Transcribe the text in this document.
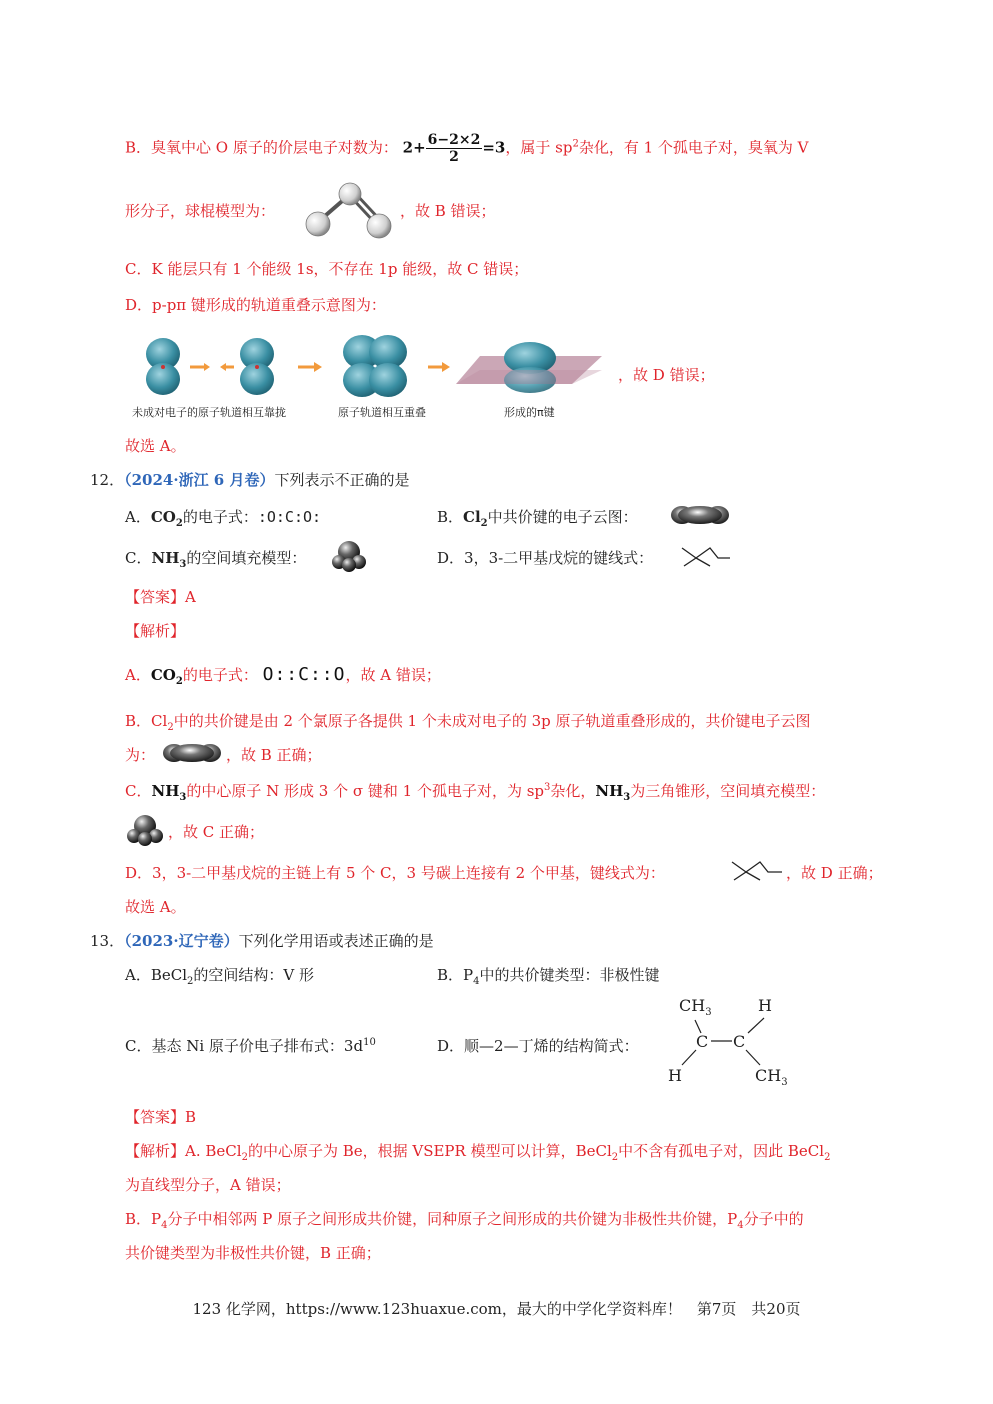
B．臭氧中心 O 原子的价层电子对数为： $2+ \frac{6-2\times 2}{2} =3$，属于 $sp^2$杂化，有 1 个孤电子对，臭氧为 V
形分子，球棍模型为：	，故 B 错误；
C．K 能层只有 1 个能级 1s，不存在 1p 能级，故 C 错误；
D．p-pπ 键形成的轨道重叠示意图为：
，故 D 错误；
未成对电子的原子轨道相互靠拢	原子轨道相互重叠	形成的π键
故选 A。
12．（2024·浙江 6 月卷）下列表示不正确的是
A．$CO_2$的电子式：:O:C:O:	B．$Cl_2$中共价键的电子云图：
C．$NH_3$的空间填充模型：	D．3，3-二甲基戊烷的键线式：
【答案】A
【解析】
A．$CO_2$的电子式： O::C::O，故 A 错误；
B．$Cl_2$中的共价键是由 2 个氯原子各提供 1 个未成对电子的 3p 原子轨道重叠形成的，共价键电子云图
为：	，故 B 正确；
C．$NH_3$的中心原子 N 形成 3 个 σ 键和 1 个孤电子对，为 $sp^3$杂化，$NH_3$为三角锥形，空间填充模型：
，故 C 正确；
D．3，3-二甲基戊烷的主链上有 5 个 C，3 号碳上连接有 2 个甲基，键线式为：	，故 D 正确；
故选 A。
13．（2023·辽宁卷）下列化学用语或表述正确的是
A．BeCl$_2$的空间结构：V 形	B．$P_4$中的共价键类型：非极性键
C．基态 Ni 原子价电子排布式：$3d^{10}$	D．顺—2—丁烯的结构简式：
$CH_3$	H
C C
H	$CH_3$
【答案】B
【解析】A. BeCl$_2$的中心原子为 Be，根据 VSEPR 模型可以计算，BeCl$_2$中不含有孤电子对，因此 BeCl$_2$
为直线型分子，A 错误；
B．$P_4$分子中相邻两 P 原子之间形成共价键，同种原子之间形成的共价键为非极性共价键，$P_4$分子中的
共价键类型为非极性共价键，B 正确；
123 化学网，https://www.123huaxue.com，最大的中学化学资料库！　第7页　共20页
